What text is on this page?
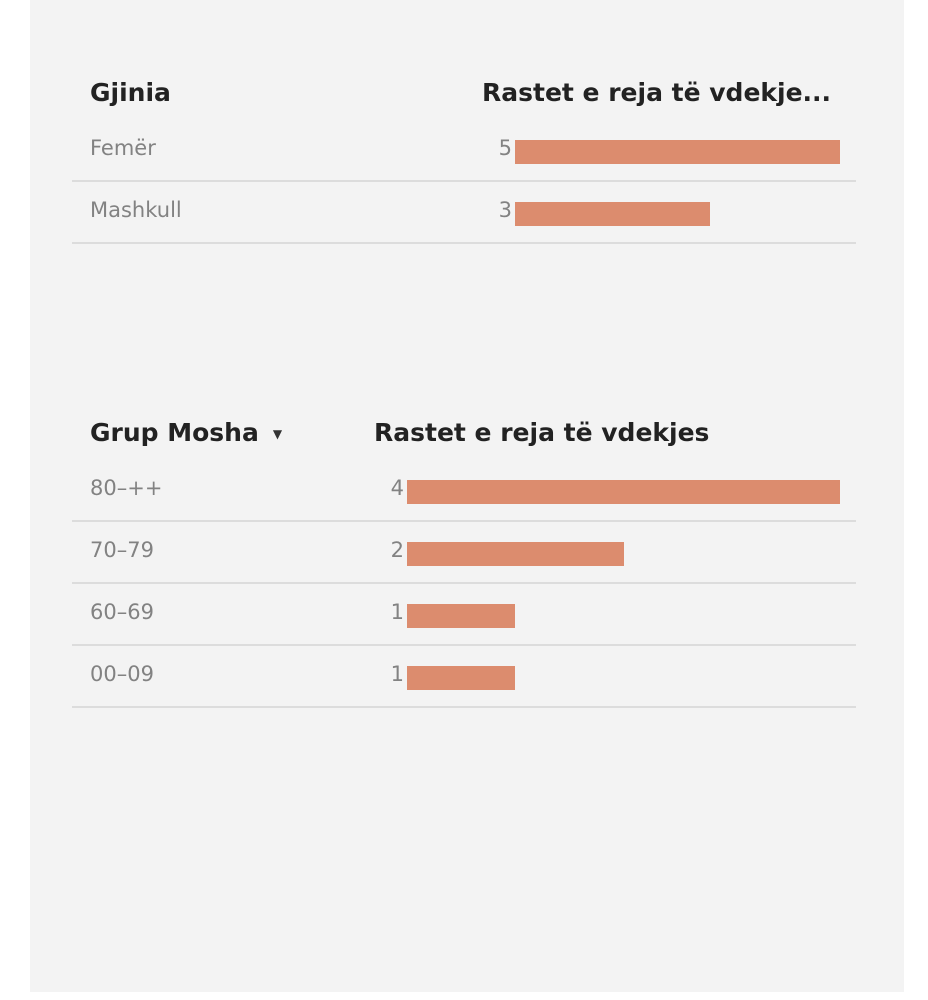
Gjinia	Rastet e reja të vdekje...
Femër	5
Mashkull	3
Grup Mosha ▼	Rastet e reja të vdekjes
80–++	4
70–79	2
60–69	1
00–09	1
